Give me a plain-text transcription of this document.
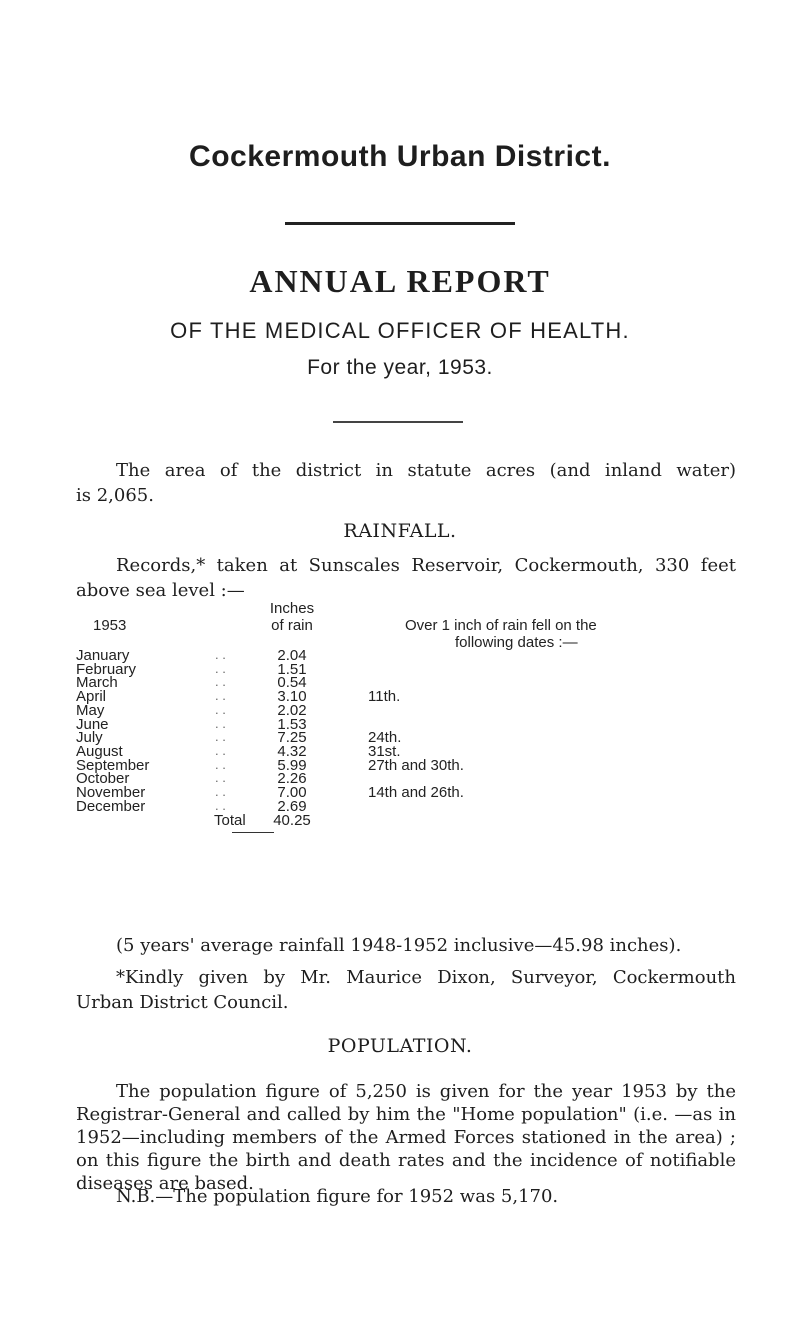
Cockermouth Urban District.
ANNUAL REPORT
OF THE MEDICAL OFFICER OF HEALTH.
For the year, 1953.
The area of the district in statute acres (and inland water)
is 2,065.
RAINFALL.
Records,* taken at Sunscales Reservoir, Cockermouth, 330 feet
above sea level :—
1953
Inches
of rain	Over 1 inch of rain fell on the
following dates :—
January	. .	2.04
February	. .	1.51
March	. .	0.54
April	. .	3.10	11th.
May	. .	2.02
June	. .	1.53
July	. .	7.25	24th.
August	. .	4.32	31st.
September	. .	5.99	27th and 30th.
October	. .	2.26
November	. .	7.00	14th and 26th.
December	. .	2.69
Total	40.25
(5 years' average rainfall 1948-1952 inclusive—45.98 inches).
*Kindly given by Mr. Maurice Dixon, Surveyor, Cockermouth
Urban District Council.
POPULATION.
The population figure of 5,250 is given for the year 1953 by the Registrar-General and called by him the "Home population" (i.e. —as in 1952—including members of the Armed Forces stationed in the area) ; on this figure the birth and death rates and the incidence of notifiable diseases are based.
N.B.—The population figure for 1952 was 5,170.
